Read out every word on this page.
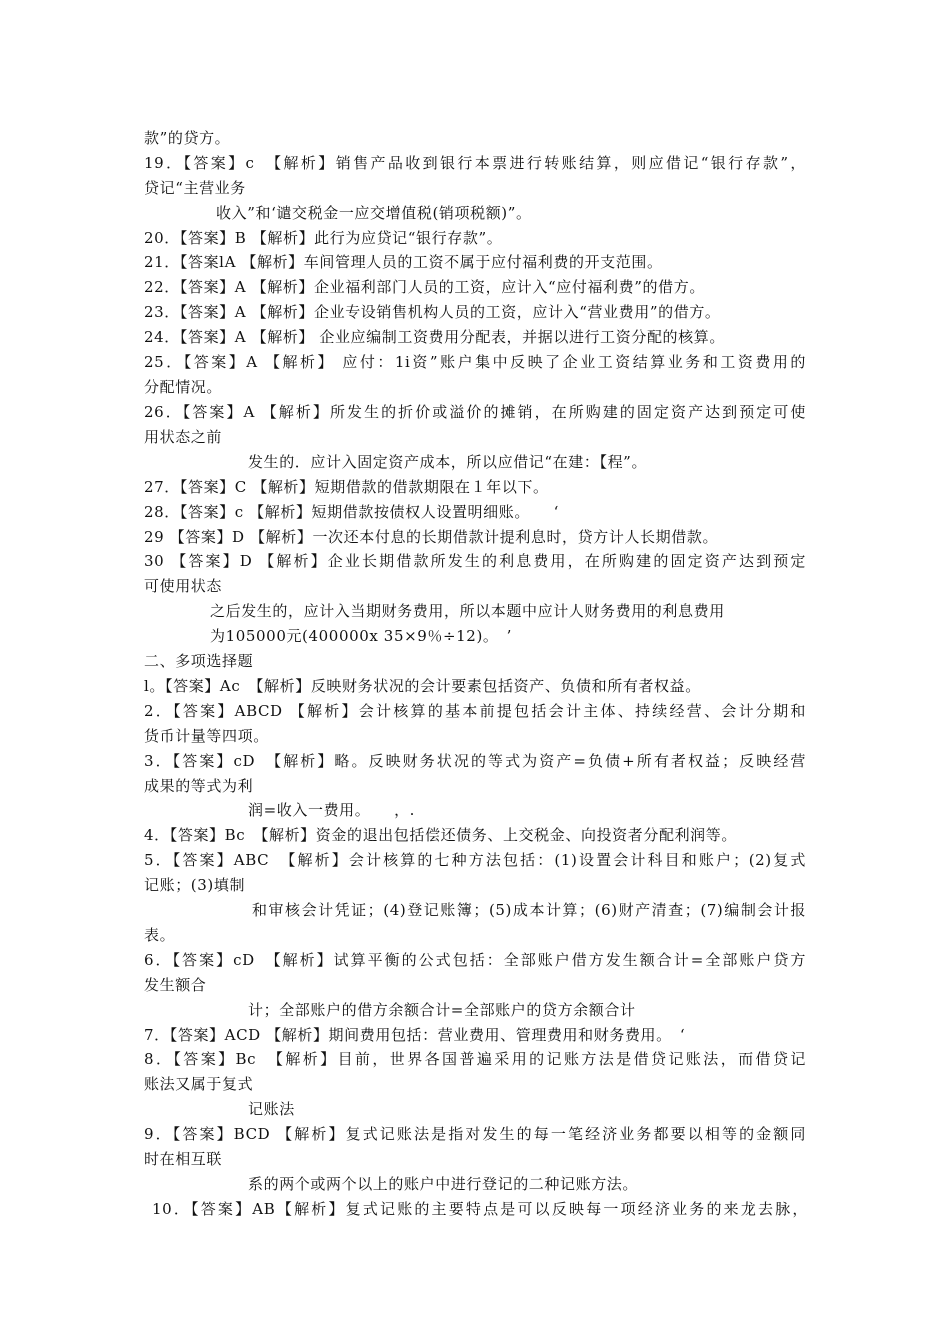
款”的贷方。
19．【答案】c　【解析】销售产品收到银行本票进行转账结算，则应借记“银行存款”，
贷记“主营业务
收入”和‘谴交税金一应交增值税(销项税额)”。
20．【答案】B 【解析】此行为应贷记“银行存款”。
21．【答案lA 【解析】车间管理人员的工资不属于应付福利费的开支范围。
22．【答案】A 【解析】企业福利部门人员的工资，应计入“应付福利费”的借方。
23．【答案】A 【解析】企业专设销售机构人员的工资，应计入“营业费用”的借方。
24．【答案】A 【解析】 企业应编制工资费用分配表，并据以进行工资分配的核算。
25．【答案】A 【解析】 应付：1i资”账户集中反映了企业工资结算业务和工资费用的
分配情况。
26．【答案】A 【解析】所发生的折价或溢价的摊销，在所购建的固定资产达到预定可使
用状态之前
发生的．应计入固定资产成本，所以应借记“在建：【程”。
27．【答案】C 【解析】短期借款的借款期限在１年以下。
28．【答案】c 【解析】短期借款按债权人设置明细账。　　‘
29 【答案】D 【解析】一次还本付息的长期借款计提利息时，贷方计人长期借款。
30 【答案】D 【解析】企业长期借款所发生的利息费用，在所购建的固定资产达到预定
可使用状态
之后发生的，应计入当期财务费用，所以本题中应计人财务费用的利息费用
为105000元(400000x 35×9％÷12)。　’
二、多项选择题
l。【答案】Ac　【解析】反映财务状况的会计要素包括资产、负债和所有者权益。
2．【答案】ABCD 【解析】会计核算的基本前提包括会计主体、持续经营、会计分期和
货币计量等四项。
3．【答案】cD　【解析】略。反映财务状况的等式为资产=负债+所有者权益；反映经营
成果的等式为利
润=收入一费用。　　，.
4．【答案】Bc　【解析】资金的退出包括偿还债务、上交税金、向投资者分配利润等。
5．【答案】ABC　【解析】会计核算的七种方法包括：(1)设置会计科目和账户；(2)复式
记账；(3)填制
和审核会计凭证；(4)登记账簿；(5)成本计算；(6)财产清查；(7)编制会计报
表。
6．【答案】cD　【解析】试算平衡的公式包括：全部账户借方发生额合计=全部账户贷方
发生额合
计；全部账户的借方余额合计=全部账户的贷方余额合计
7．【答案】ACD 【解析】期间费用包括：营业费用、管理费用和财务费用。　‘
8．【答案】Bc　【解析】目前，世界各国普遍采用的记账方法是借贷记账法，而借贷记
账法又属于复式
记账法
9．【答案】BCD 【解析】复式记账法是指对发生的每一笔经济业务都要以相等的金额同
时在相互联
系的两个或两个以上的账户中进行登记的二种记账方法。
10．【答案】AB【解析】复式记账的主要特点是可以反映每一项经济业务的来龙去脉，
